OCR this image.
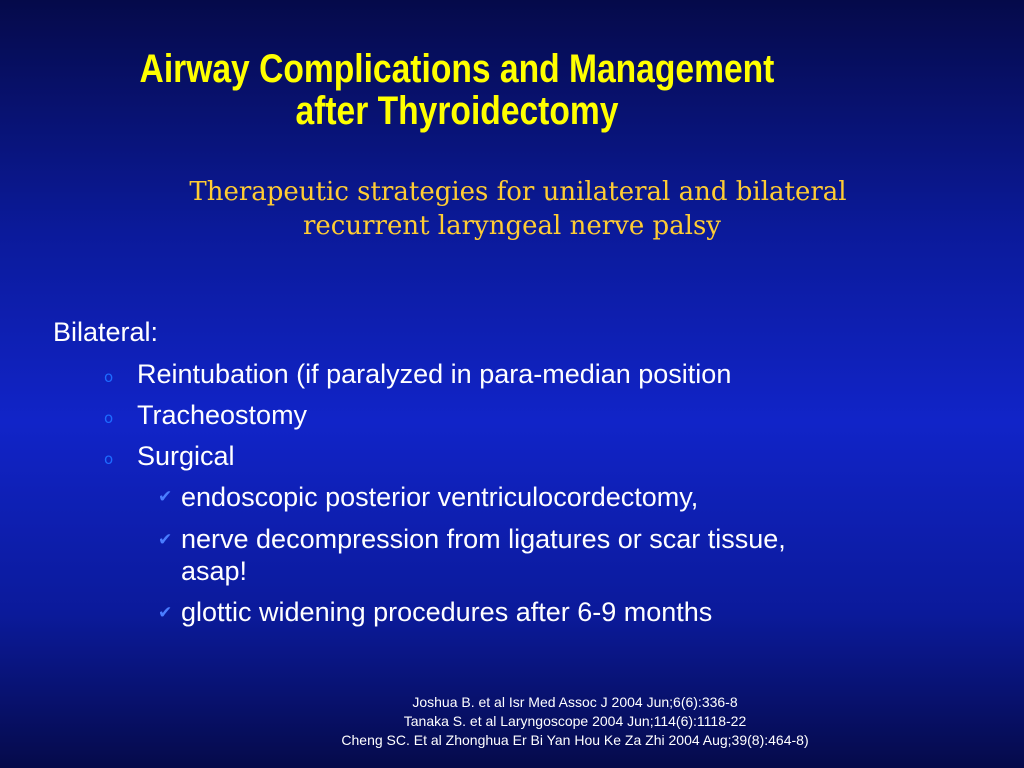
Airway Complications and Management
after Thyroidectomy
Therapeutic strategies for unilateral and bilateral
recurrent laryngeal nerve palsy
Bilateral:
o Reintubation (if paralyzed in para-median position
o Tracheostomy
o Surgical
✔ endoscopic posterior ventriculocordectomy,
✔ nerve decompression from ligatures or scar tissue,
asap!
✔ glottic widening procedures after 6-9 months
Joshua B. et al Isr Med Assoc J 2004 Jun;6(6):336-8
Tanaka S. et al Laryngoscope 2004 Jun;114(6):1118-22
Cheng SC. Et al Zhonghua Er Bi Yan Hou Ke Za Zhi 2004 Aug;39(8):464-8)
